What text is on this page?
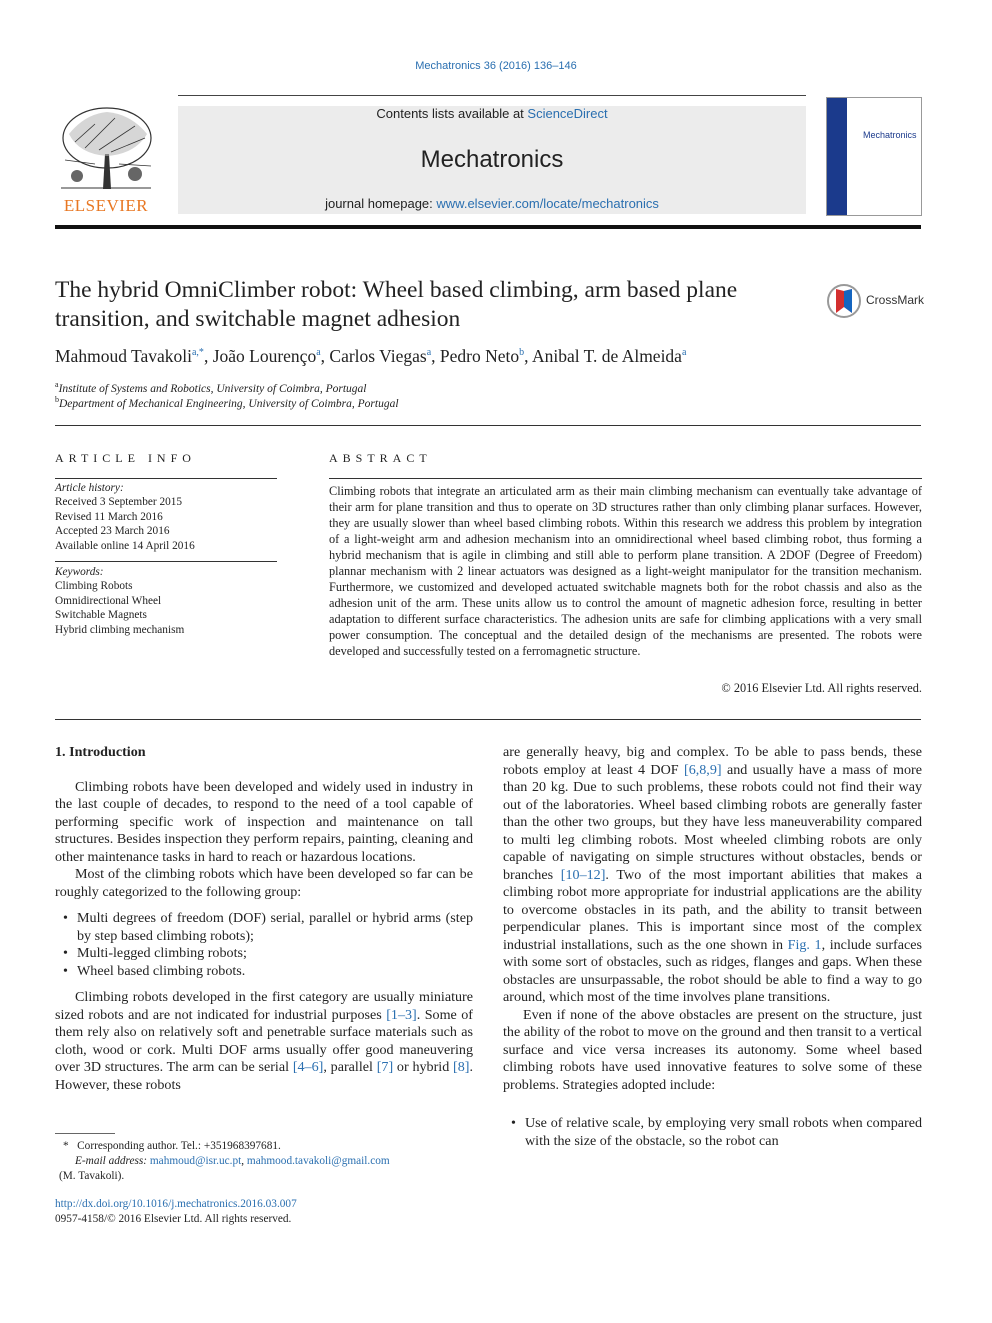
Mechatronics 36 (2016) 136–146
ELSEVIER
Contents lists available at ScienceDirect
Mechatronics
journal homepage: www.elsevier.com/locate/mechatronics
Mechatronics
The hybrid OmniClimber robot: Wheel based climbing, arm based plane transition, and switchable magnet adhesion
CrossMark
Mahmoud Tavakoli$^{a,*}$, João Lourenço$^a$, Carlos Viegas$^a$, Pedro Neto$^b$, Anibal T. de Almeida$^a$
$^a$Institute of Systems and Robotics, University of Coimbra, Portugal
$^b$Department of Mechanical Engineering, University of Coimbra, Portugal
ARTICLE INFO
Article history:
Received 3 September 2015
Revised 11 March 2016
Accepted 23 March 2016
Available online 14 April 2016
Keywords:
Climbing Robots
Omnidirectional Wheel
Switchable Magnets
Hybrid climbing mechanism
ABSTRACT
Climbing robots that integrate an articulated arm as their main climbing mechanism can eventually take advantage of their arm for plane transition and thus to operate on 3D structures rather than only climbing planar surfaces. However, they are usually slower than wheel based climbing robots. Within this research we address this problem by integration of a light-weight arm and adhesion mechanism into an omnidirectional wheel based climbing robot, thus forming a hybrid mechanism that is agile in climbing and still able to perform plane transition. A 2DOF (Degree of Freedom) plannar mechanism with 2 linear actuators was designed as a light-weight manipulator for the transition mechanism. Furthermore, we customized and developed actuated switchable magnets both for the robot chassis and also as the adhesion unit of the arm. These units allow us to control the amount of magnetic adhesion force, resulting in better adaptation to different surface characteristics. The adhesion units are safe for climbing applications with a very small power consumption. The conceptual and the detailed design of the mechanisms are presented. The robots were developed and successfully tested on a ferromagnetic structure.
© 2016 Elsevier Ltd. All rights reserved.

1. Introduction

Climbing robots have been developed and widely used in industry in the last couple of decades, to respond to the need of a tool capable of performing specific work of inspection and maintenance on tall structures. Besides inspection they perform repairs, painting, cleaning and other maintenance tasks in hard to reach or hazardous locations.

Most of the climbing robots which have been developed so far can be roughly categorized to the following group:

• Multi degrees of freedom (DOF) serial, parallel or hybrid arms (step by step based climbing robots);
• Multi-legged climbing robots;
• Wheel based climbing robots.

Climbing robots developed in the first category are usually miniature sized robots and are not indicated for industrial purposes [1–3]. Some of them rely also on relatively soft and penetrable surface materials such as cloth, wood or cork. Multi DOF arms usually offer good maneuvering over 3D structures. The arm can be serial [4–6], parallel [7] or hybrid [8]. However, these robots

are generally heavy, big and complex. To be able to pass bends, these robots employ at least 4 DOF [6,8,9] and usually have a mass of more than 20 kg. Due to such problems, these robots could not find their way out of the laboratories. Wheel based climbing robots are generally faster than the other two groups, but they have less maneuverability compared to multi leg climbing robots. Most wheeled climbing robots are only capable of navigating on simple structures without obstacles, bends or branches [10–12]. Two of the most important abilities that makes a climbing robot more appropriate for industrial applications are the ability to overcome obstacles in its path, and the ability to transit between perpendicular planes. This is important since most of the complex industrial installations, such as the one shown in Fig. 1, include surfaces with some sort of obstacles, such as ridges, flanges and gaps. When these obstacles are unsurpassable, the robot should be able to find a way to go around, which most of the time involves plane transitions.

Even if none of the above obstacles are present on the structure, just the ability of the robot to move on the ground and then transit to a vertical surface and vice versa increases its autonomy. Some wheel based climbing robots have used innovative features to solve some of these problems. Strategies adopted include:

• Use of relative scale, by employing very small robots when compared with the size of the obstacle, so the robot can
* Corresponding author. Tel.: +351968397681.
E-mail address: mahmoud@isr.uc.pt, mahmood.tavakoli@gmail.com
(M. Tavakoli).
http://dx.doi.org/10.1016/j.mechatronics.2016.03.007
0957-4158/© 2016 Elsevier Ltd. All rights reserved.
